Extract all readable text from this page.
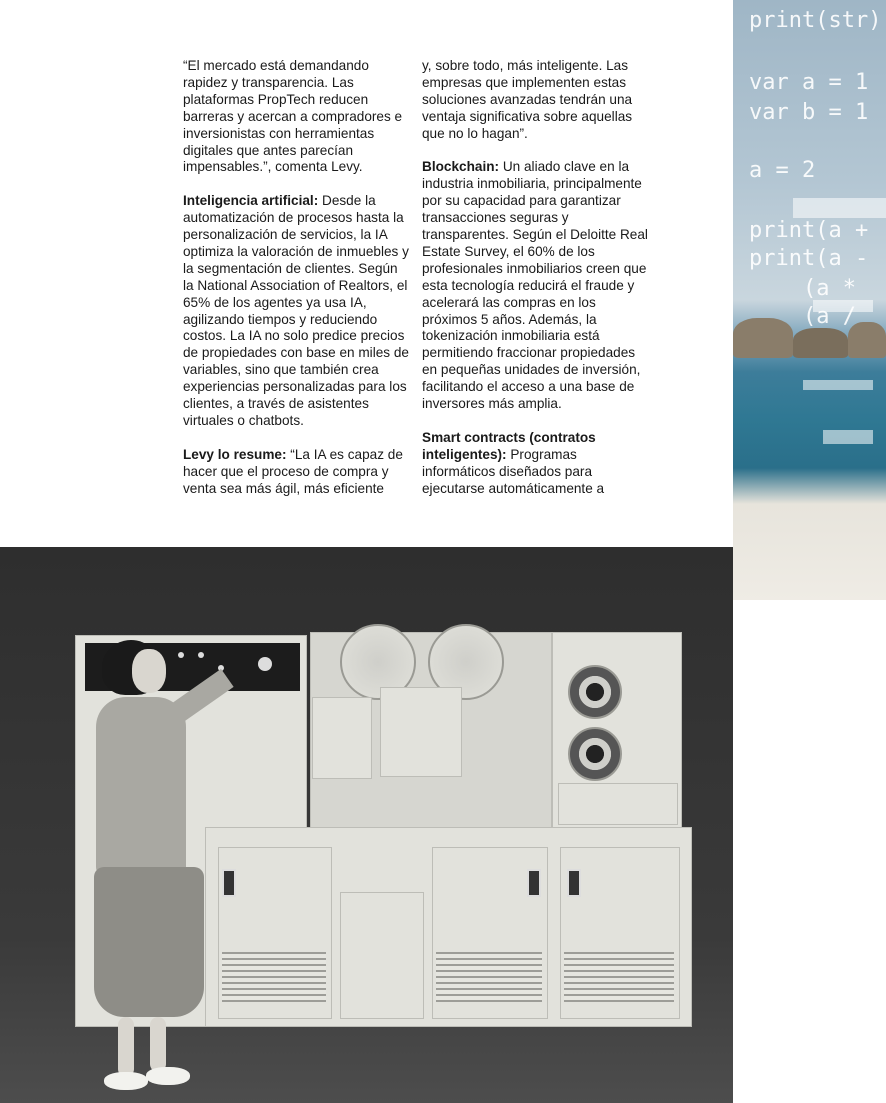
“El mercado está demandando rapidez y transparencia. Las plataformas PropTech reducen barreras y acercan a compradores e inversionistas con herramientas digitales que antes parecían impensables.”, comenta Levy.

Inteligencia artificial: Desde la automatización de procesos hasta la personalización de servicios, la IA optimiza la valoración de inmuebles y la segmentación de clientes. Según la National Association of Realtors, el 65% de los agentes ya usa IA, agilizando tiempos y reduciendo costos. La IA no solo predice precios de propiedades con base en miles de variables, sino que también crea experiencias personalizadas para los clientes, a través de asistentes virtuales o chatbots.

Levy lo resume: “La IA es capaz de hacer que el proceso de compra y venta sea más ágil, más eficiente

y, sobre todo, más inteligente. Las empresas que implementen estas soluciones avanzadas tendrán una ventaja significativa sobre aquellas que no lo hagan”.

Blockchain: Un aliado clave en la industria inmobiliaria, principalmente por su capacidad para garantizar transacciones seguras y transparentes. Según el Deloitte Real Estate Survey, el 60% de los profesionales inmobiliarios creen que esta tecnología reducirá el fraude y acelerará las compras en los próximos 5 años. Además, la tokenización inmobiliaria está permitiendo fraccionar propiedades en pequeñas unidades de inversión, facilitando el acceso a una base de inversores más amplia.

Smart contracts (contratos inteligentes): Programas informáticos diseñados para ejecutarse automáticamente a

print(str)
var a = 1
var b = 1
a = 2
print(a +
print(a -
(a *
(a /
